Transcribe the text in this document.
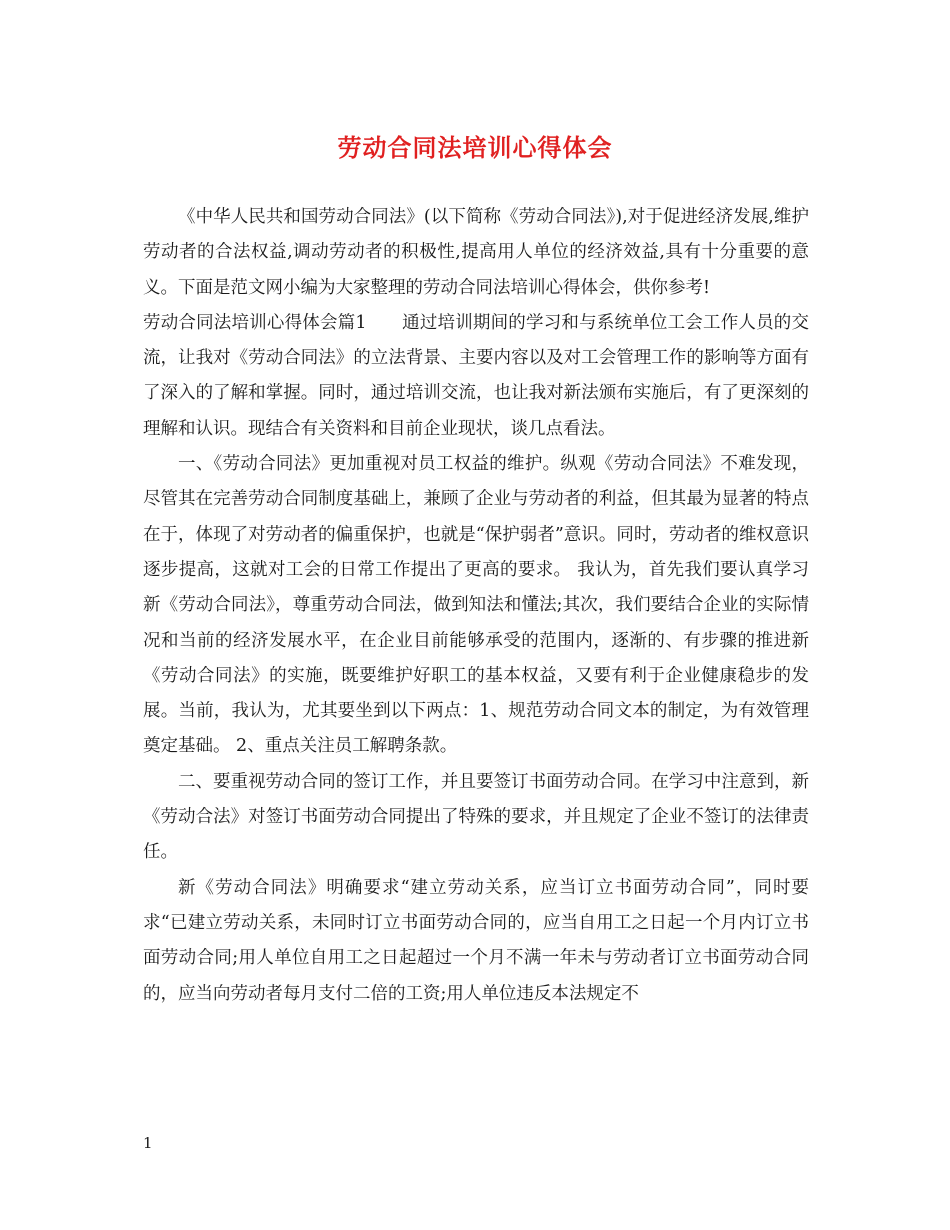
劳动合同法培训心得体会

《中华人民共和国劳动合同法》(以下简称《劳动合同法》),对于促进经济发展,维护劳动者的合法权益,调动劳动者的积极性,提高用人单位的经济效益,具有十分重要的意义。下面是范文网小编为大家整理的劳动合同法培训心得体会，供你参考!

劳动合同法培训心得体会篇1　　通过培训期间的学习和与系统单位工会工作人员的交流，让我对《劳动合同法》的立法背景、主要内容以及对工会管理工作的影响等方面有了深入的了解和掌握。同时，通过培训交流，也让我对新法颁布实施后，有了更深刻的理解和认识。现结合有关资料和目前企业现状，谈几点看法。

一、《劳动合同法》更加重视对员工权益的维护。纵观《劳动合同法》不难发现，尽管其在完善劳动合同制度基础上，兼顾了企业与劳动者的利益，但其最为显著的特点在于，体现了对劳动者的偏重保护，也就是“保护弱者”意识。同时，劳动者的维权意识逐步提高，这就对工会的日常工作提出了更高的要求。 我认为，首先我们要认真学习新《劳动合同法》，尊重劳动合同法，做到知法和懂法;其次，我们要结合企业的实际情况和当前的经济发展水平，在企业目前能够承受的范围内，逐渐的、有步骤的推进新《劳动合同法》的实施，既要维护好职工的基本权益，又要有利于企业健康稳步的发展。当前，我认为，尤其要坐到以下两点：1、规范劳动合同文本的制定，为有效管理奠定基础。 2、重点关注员工解聘条款。

二、要重视劳动合同的签订工作，并且要签订书面劳动合同。在学习中注意到，新《劳动合法》对签订书面劳动合同提出了特殊的要求，并且规定了企业不签订的法律责任。

新《劳动合同法》明确要求“建立劳动关系，应当订立书面劳动合同”，同时要求“已建立劳动关系，未同时订立书面劳动合同的，应当自用工之日起一个月内订立书面劳动合同;用人单位自用工之日起超过一个月不满一年未与劳动者订立书面劳动合同的，应当向劳动者每月支付二倍的工资;用人单位违反本法规定不

1
